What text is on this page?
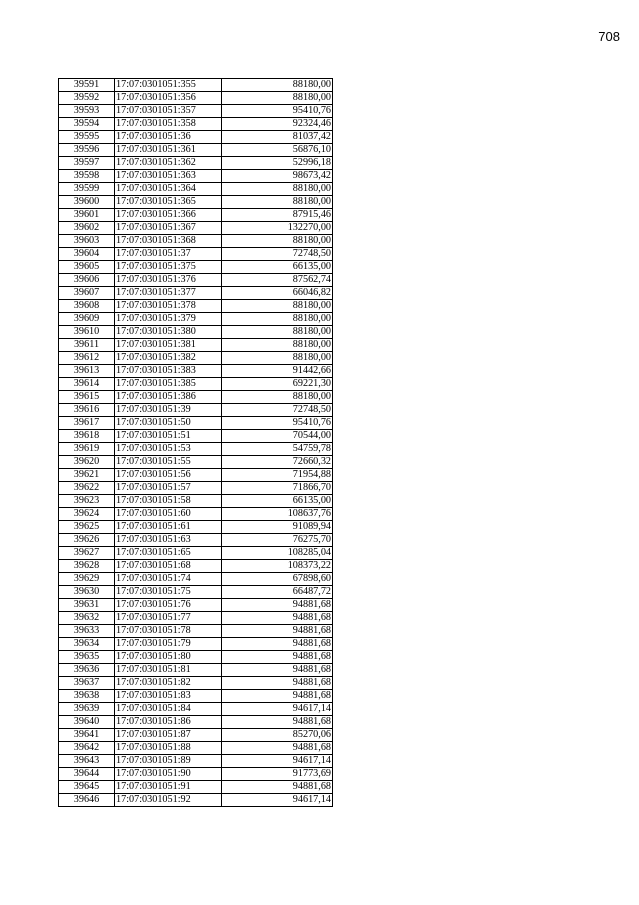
708
39591	17:07:0301051:355	88180,00
39592	17:07:0301051:356	88180,00
39593	17:07:0301051:357	95410,76
39594	17:07:0301051:358	92324,46
39595	17:07:0301051:36	81037,42
39596	17:07:0301051:361	56876,10
39597	17:07:0301051:362	52996,18
39598	17:07:0301051:363	98673,42
39599	17:07:0301051:364	88180,00
39600	17:07:0301051:365	88180,00
39601	17:07:0301051:366	87915,46
39602	17:07:0301051:367	132270,00
39603	17:07:0301051:368	88180,00
39604	17:07:0301051:37	72748,50
39605	17:07:0301051:375	66135,00
39606	17:07:0301051:376	87562,74
39607	17:07:0301051:377	66046,82
39608	17:07:0301051:378	88180,00
39609	17:07:0301051:379	88180,00
39610	17:07:0301051:380	88180,00
39611	17:07:0301051:381	88180,00
39612	17:07:0301051:382	88180,00
39613	17:07:0301051:383	91442,66
39614	17:07:0301051:385	69221,30
39615	17:07:0301051:386	88180,00
39616	17:07:0301051:39	72748,50
39617	17:07:0301051:50	95410,76
39618	17:07:0301051:51	70544,00
39619	17:07:0301051:53	54759,78
39620	17:07:0301051:55	72660,32
39621	17:07:0301051:56	71954,88
39622	17:07:0301051:57	71866,70
39623	17:07:0301051:58	66135,00
39624	17:07:0301051:60	108637,76
39625	17:07:0301051:61	91089,94
39626	17:07:0301051:63	76275,70
39627	17:07:0301051:65	108285,04
39628	17:07:0301051:68	108373,22
39629	17:07:0301051:74	67898,60
39630	17:07:0301051:75	66487,72
39631	17:07:0301051:76	94881,68
39632	17:07:0301051:77	94881,68
39633	17:07:0301051:78	94881,68
39634	17:07:0301051:79	94881,68
39635	17:07:0301051:80	94881,68
39636	17:07:0301051:81	94881,68
39637	17:07:0301051:82	94881,68
39638	17:07:0301051:83	94881,68
39639	17:07:0301051:84	94617,14
39640	17:07:0301051:86	94881,68
39641	17:07:0301051:87	85270,06
39642	17:07:0301051:88	94881,68
39643	17:07:0301051:89	94617,14
39644	17:07:0301051:90	91773,69
39645	17:07:0301051:91	94881,68
39646	17:07:0301051:92	94617,14
